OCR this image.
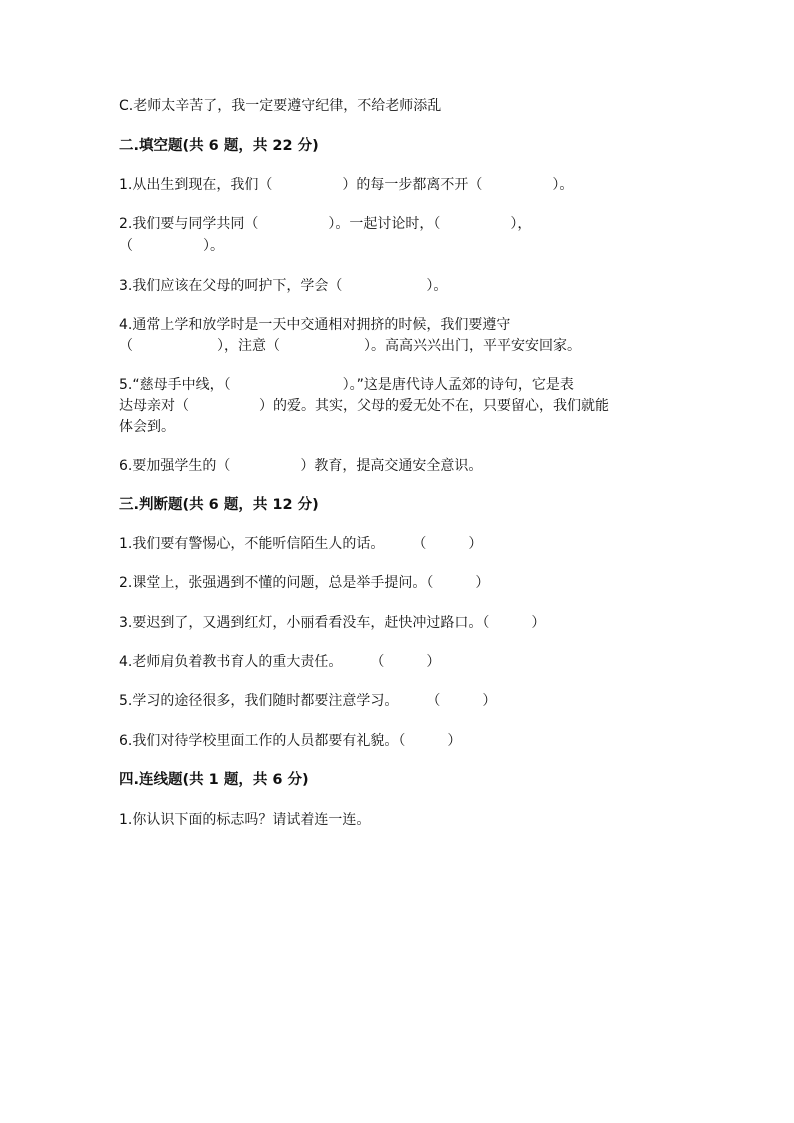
C.老师太辛苦了，我一定要遵守纪律，不给老师添乱
二.填空题(共 6 题，共 22 分)
1.从出生到现在，我们（　　　　　）的每一步都离不开（　　　　　）。
2.我们要与同学共同（　　　　　）。一起讨论时，（　　　　　），
（　　　　　）。
3.我们应该在父母的呵护下，学会（　　　　　　）。
4.通常上学和放学时是一天中交通相对拥挤的时候，我们要遵守
（　　　　　　），注意（　　　　　　）。高高兴兴出门，平平安安回家。
5.“慈母手中线，（　　　　　　　　）。”这是唐代诗人孟郊的诗句，它是表
达母亲对（　　　　　）的爱。其实，父母的爱无处不在，只要留心，我们就能
体会到。
6.要加强学生的（　　　　　）教育，提高交通安全意识。
三.判断题(共 6 题，共 12 分)
1.我们要有警惕心，不能听信陌生人的话。　　　（　　　）
2.课堂上，张强遇到不懂的问题，总是举手提问。（　　　）
3.要迟到了，又遇到红灯，小丽看看没车，赶快冲过路口。（　　　）
4.老师肩负着教书育人的重大责任。　　　（　　　）
5.学习的途径很多，我们随时都要注意学习。　　　（　　　）
6.我们对待学校里面工作的人员都要有礼貌。（　　　）
四.连线题(共 1 题，共 6 分)
1.你认识下面的标志吗？请试着连一连。
